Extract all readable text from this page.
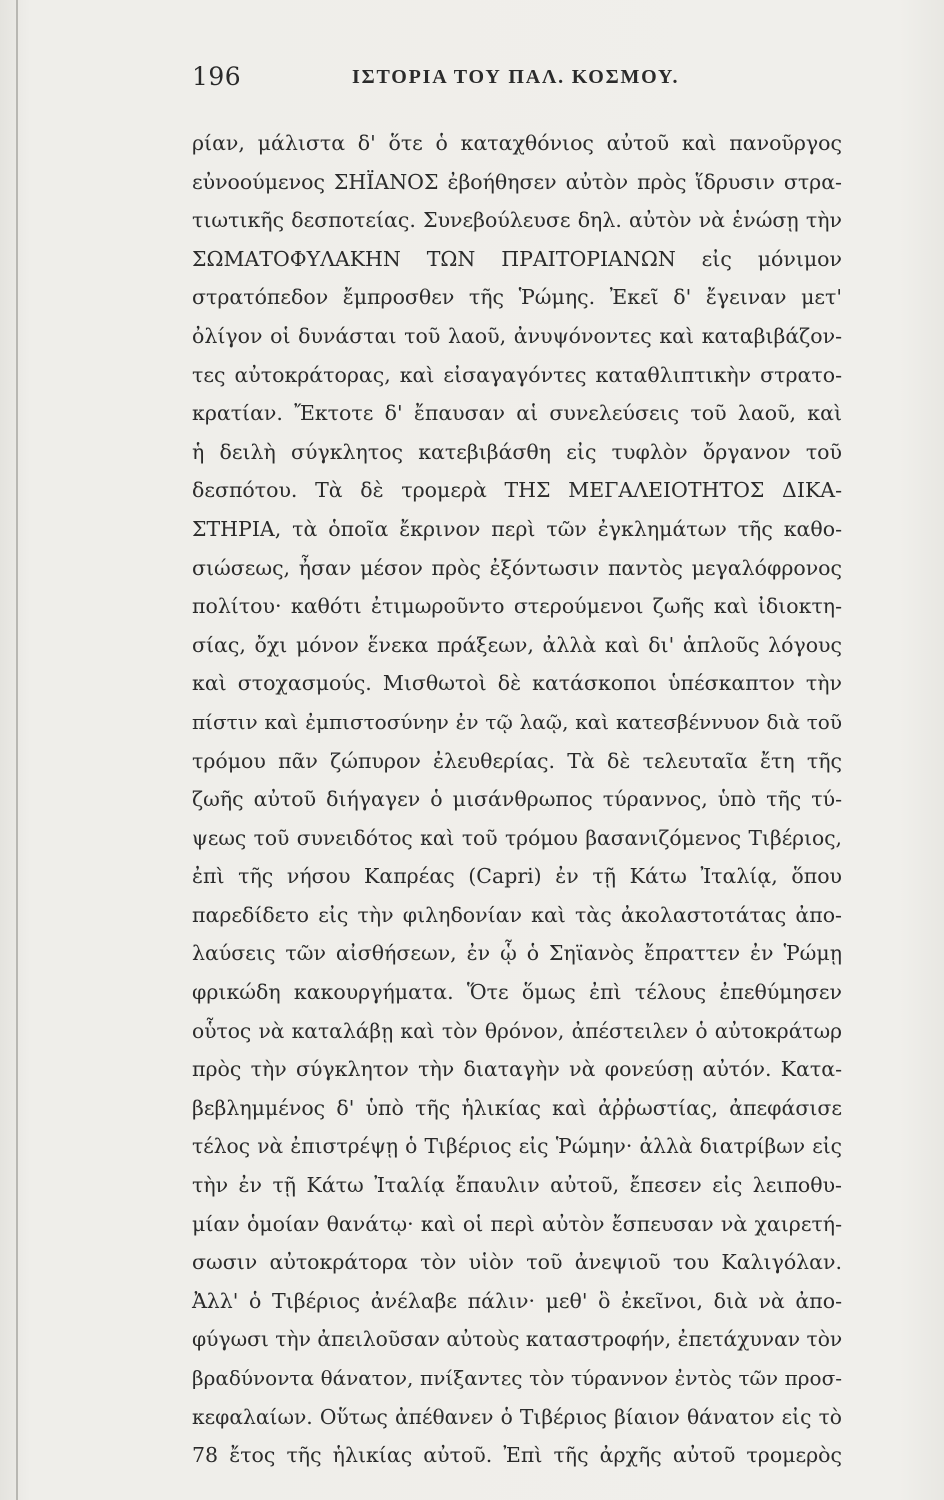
196	ΙΣΤΟΡΙΑ ΤΟΥ ΠΑΛ. ΚΟΣΜΟΥ.
ρίαν, μάλιστα δ' ὅτε ὁ καταχθόνιος αὐτοῦ καὶ πανοῦργος
εὐνοούμενος ΣΗΪΑΝΟΣ ἐβοήθησεν αὐτὸν πρὸς ἵδρυσιν στρα-
τιωτικῆς δεσποτείας. Συνεβούλευσε δηλ. αὐτὸν νὰ ἑνώσῃ τὴν
ΣΩΜΑΤΟΦΥΛΑΚΗΝ ΤΩΝ ΠΡΑΙΤΟΡΙΑΝΩΝ εἰς μόνιμον
στρατόπεδον ἔμπροσθεν τῆς Ῥώμης. Ἐκεῖ δ' ἔγειναν μετ'
ὀλίγον οἱ δυνάσται τοῦ λαοῦ, ἀνυψόνοντες καὶ καταβιβάζον-
τες αὐτοκράτορας, καὶ εἰσαγαγόντες καταθλιπτικὴν στρατο-
κρατίαν. Ἔκτοτε δ' ἔπαυσαν αἱ συνελεύσεις τοῦ λαοῦ, καὶ
ἡ δειλὴ σύγκλητος κατεβιβάσθη εἰς τυφλὸν ὄργανον τοῦ
δεσπότου. Τὰ δὲ τρομερὰ ΤΗΣ ΜΕΓΑΛΕΙΟΤΗΤΟΣ ΔΙΚΑ-
ΣΤΗΡΙΑ, τὰ ὁποῖα ἔκρινον περὶ τῶν ἐγκλημάτων τῆς καθο-
σιώσεως, ἦσαν μέσον πρὸς ἐξόντωσιν παντὸς μεγαλόφρονος
πολίτου· καθότι ἐτιμωροῦντο στερούμενοι ζωῆς καὶ ἰδιοκτη-
σίας, ὄχι μόνον ἕνεκα πράξεων, ἀλλὰ καὶ δι' ἁπλοῦς λόγους
καὶ στοχασμούς. Μισθωτοὶ δὲ κατάσκοποι ὑπέσκαπτον τὴν
πίστιν καὶ ἐμπιστοσύνην ἐν τῷ λαῷ, καὶ κατεσβέννυον διὰ τοῦ
τρόμου πᾶν ζώπυρον ἐλευθερίας. Τὰ δὲ τελευταῖα ἔτη τῆς
ζωῆς αὐτοῦ διήγαγεν ὁ μισάνθρωπος τύραννος, ὑπὸ τῆς τύ-
ψεως τοῦ συνειδότος καὶ τοῦ τρόμου βασανιζόμενος Τιβέριος,
ἐπὶ τῆς νήσου Καπρέας (Capri) ἐν τῇ Κάτω Ἰταλίᾳ, ὅπου
παρεδίδετο εἰς τὴν φιληδονίαν καὶ τὰς ἀκολαστοτάτας ἀπο-
λαύσεις τῶν αἰσθήσεων, ἐν ᾧ ὁ Σηϊανὸς ἔπραττεν ἐν Ῥώμῃ
φρικώδη κακουργήματα. Ὅτε ὅμως ἐπὶ τέλους ἐπεθύμησεν
οὗτος νὰ καταλάβῃ καὶ τὸν θρόνον, ἀπέστειλεν ὁ αὐτοκράτωρ
πρὸς τὴν σύγκλητον τὴν διαταγὴν νὰ φονεύσῃ αὐτόν. Κατα-
βεβλημμένος δ' ὑπὸ τῆς ἡλικίας καὶ ἀῤῥωστίας, ἀπεφάσισε
τέλος νὰ ἐπιστρέψῃ ὁ Τιβέριος εἰς Ῥώμην· ἀλλὰ διατρίβων εἰς
τὴν ἐν τῇ Κάτω Ἰταλίᾳ ἔπαυλιν αὐτοῦ, ἔπεσεν εἰς λειποθυ-
μίαν ὁμοίαν θανάτῳ· καὶ οἱ περὶ αὐτὸν ἔσπευσαν νὰ χαιρετή-
σωσιν αὐτοκράτορα τὸν υἱὸν τοῦ ἀνεψιοῦ του Καλιγόλαν.
Ἀλλ' ὁ Τιβέριος ἀνέλαβε πάλιν· μεθ' ὃ ἐκεῖνοι, διὰ νὰ ἀπο-
φύγωσι τὴν ἀπειλοῦσαν αὐτοὺς καταστροφήν, ἐπετάχυναν τὸν
βραδύνοντα θάνατον, πνίξαντες τὸν τύραννον ἐντὸς τῶν προσ-
κεφαλαίων. Οὕτως ἀπέθανεν ὁ Τιβέριος βίαιον θάνατον εἰς τὸ
78 ἔτος τῆς ἡλικίας αὐτοῦ. Ἐπὶ τῆς ἀρχῆς αὐτοῦ τρομερὸς
